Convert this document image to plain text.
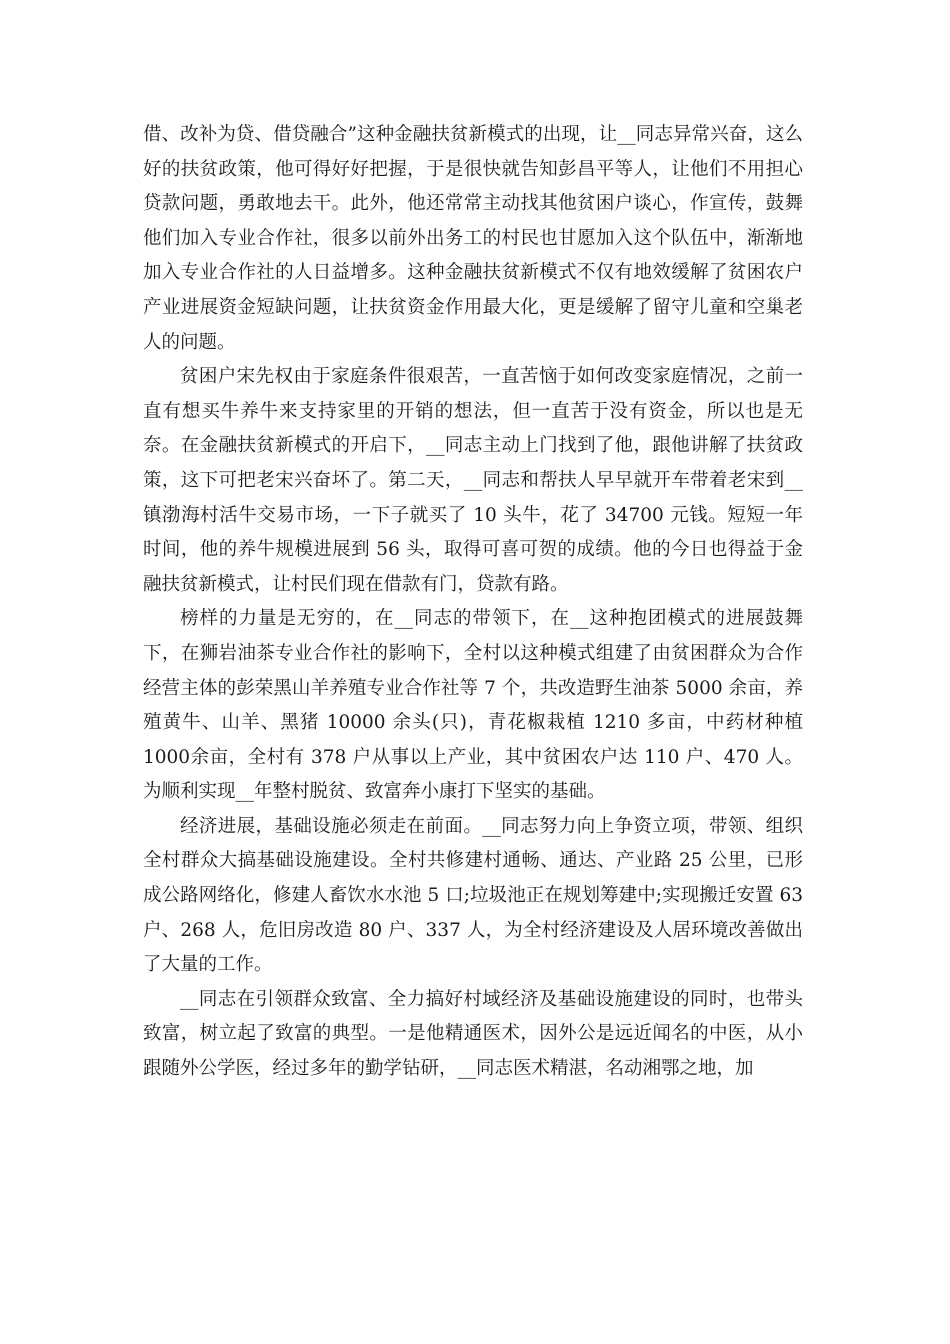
借、改补为贷、借贷融合”这种金融扶贫新模式的出现，让__同志异常兴奋，这么好的扶贫政策，他可得好好把握，于是很快就告知彭昌平等人，让他们不用担心贷款问题，勇敢地去干。此外，他还常常主动找其他贫困户谈心，作宣传，鼓舞他们加入专业合作社，很多以前外出务工的村民也甘愿加入这个队伍中，渐渐地加入专业合作社的人日益增多。这种金融扶贫新模式不仅有地效缓解了贫困农户产业进展资金短缺问题，让扶贫资金作用最大化，更是缓解了留守儿童和空巢老人的问题。

贫困户宋先权由于家庭条件很艰苦，一直苦恼于如何改变家庭情况，之前一直有想买牛养牛来支持家里的开销的想法，但一直苦于没有资金，所以也是无奈。在金融扶贫新模式的开启下，__同志主动上门找到了他，跟他讲解了扶贫政策，这下可把老宋兴奋坏了。第二天，__同志和帮扶人早早就开车带着老宋到__镇渤海村活牛交易市场，一下子就买了 10 头牛，花了 34700 元钱。短短一年时间，他的养牛规模进展到 56 头，取得可喜可贺的成绩。他的今日也得益于金融扶贫新模式，让村民们现在借款有门，贷款有路。

榜样的力量是无穷的，在__同志的带领下，在__这种抱团模式的进展鼓舞下，在狮岩油茶专业合作社的影响下，全村以这种模式组建了由贫困群众为合作经营主体的彭荣黑山羊养殖专业合作社等 7 个，共改造野生油茶 5000 余亩，养殖黄牛、山羊、黑猪 10000 余头(只)，青花椒栽植 1210 多亩，中药材种植 1000余亩，全村有 378 户从事以上产业，其中贫困农户达 110 户、470 人。为顺利实现__年整村脱贫、致富奔小康打下坚实的基础。

经济进展，基础设施必须走在前面。__同志努力向上争资立项，带领、组织全村群众大搞基础设施建设。全村共修建村通畅、通达、产业路 25 公里，已形成公路网络化，修建人畜饮水水池 5 口;垃圾池正在规划筹建中;实现搬迁安置 63 户、268 人，危旧房改造 80 户、337 人，为全村经济建设及人居环境改善做出了大量的工作。

__同志在引领群众致富、全力搞好村域经济及基础设施建设的同时，也带头致富，树立起了致富的典型。一是他精通医术，因外公是远近闻名的中医，从小跟随外公学医，经过多年的勤学钻研，__同志医术精湛，名动湘鄂之地，加
